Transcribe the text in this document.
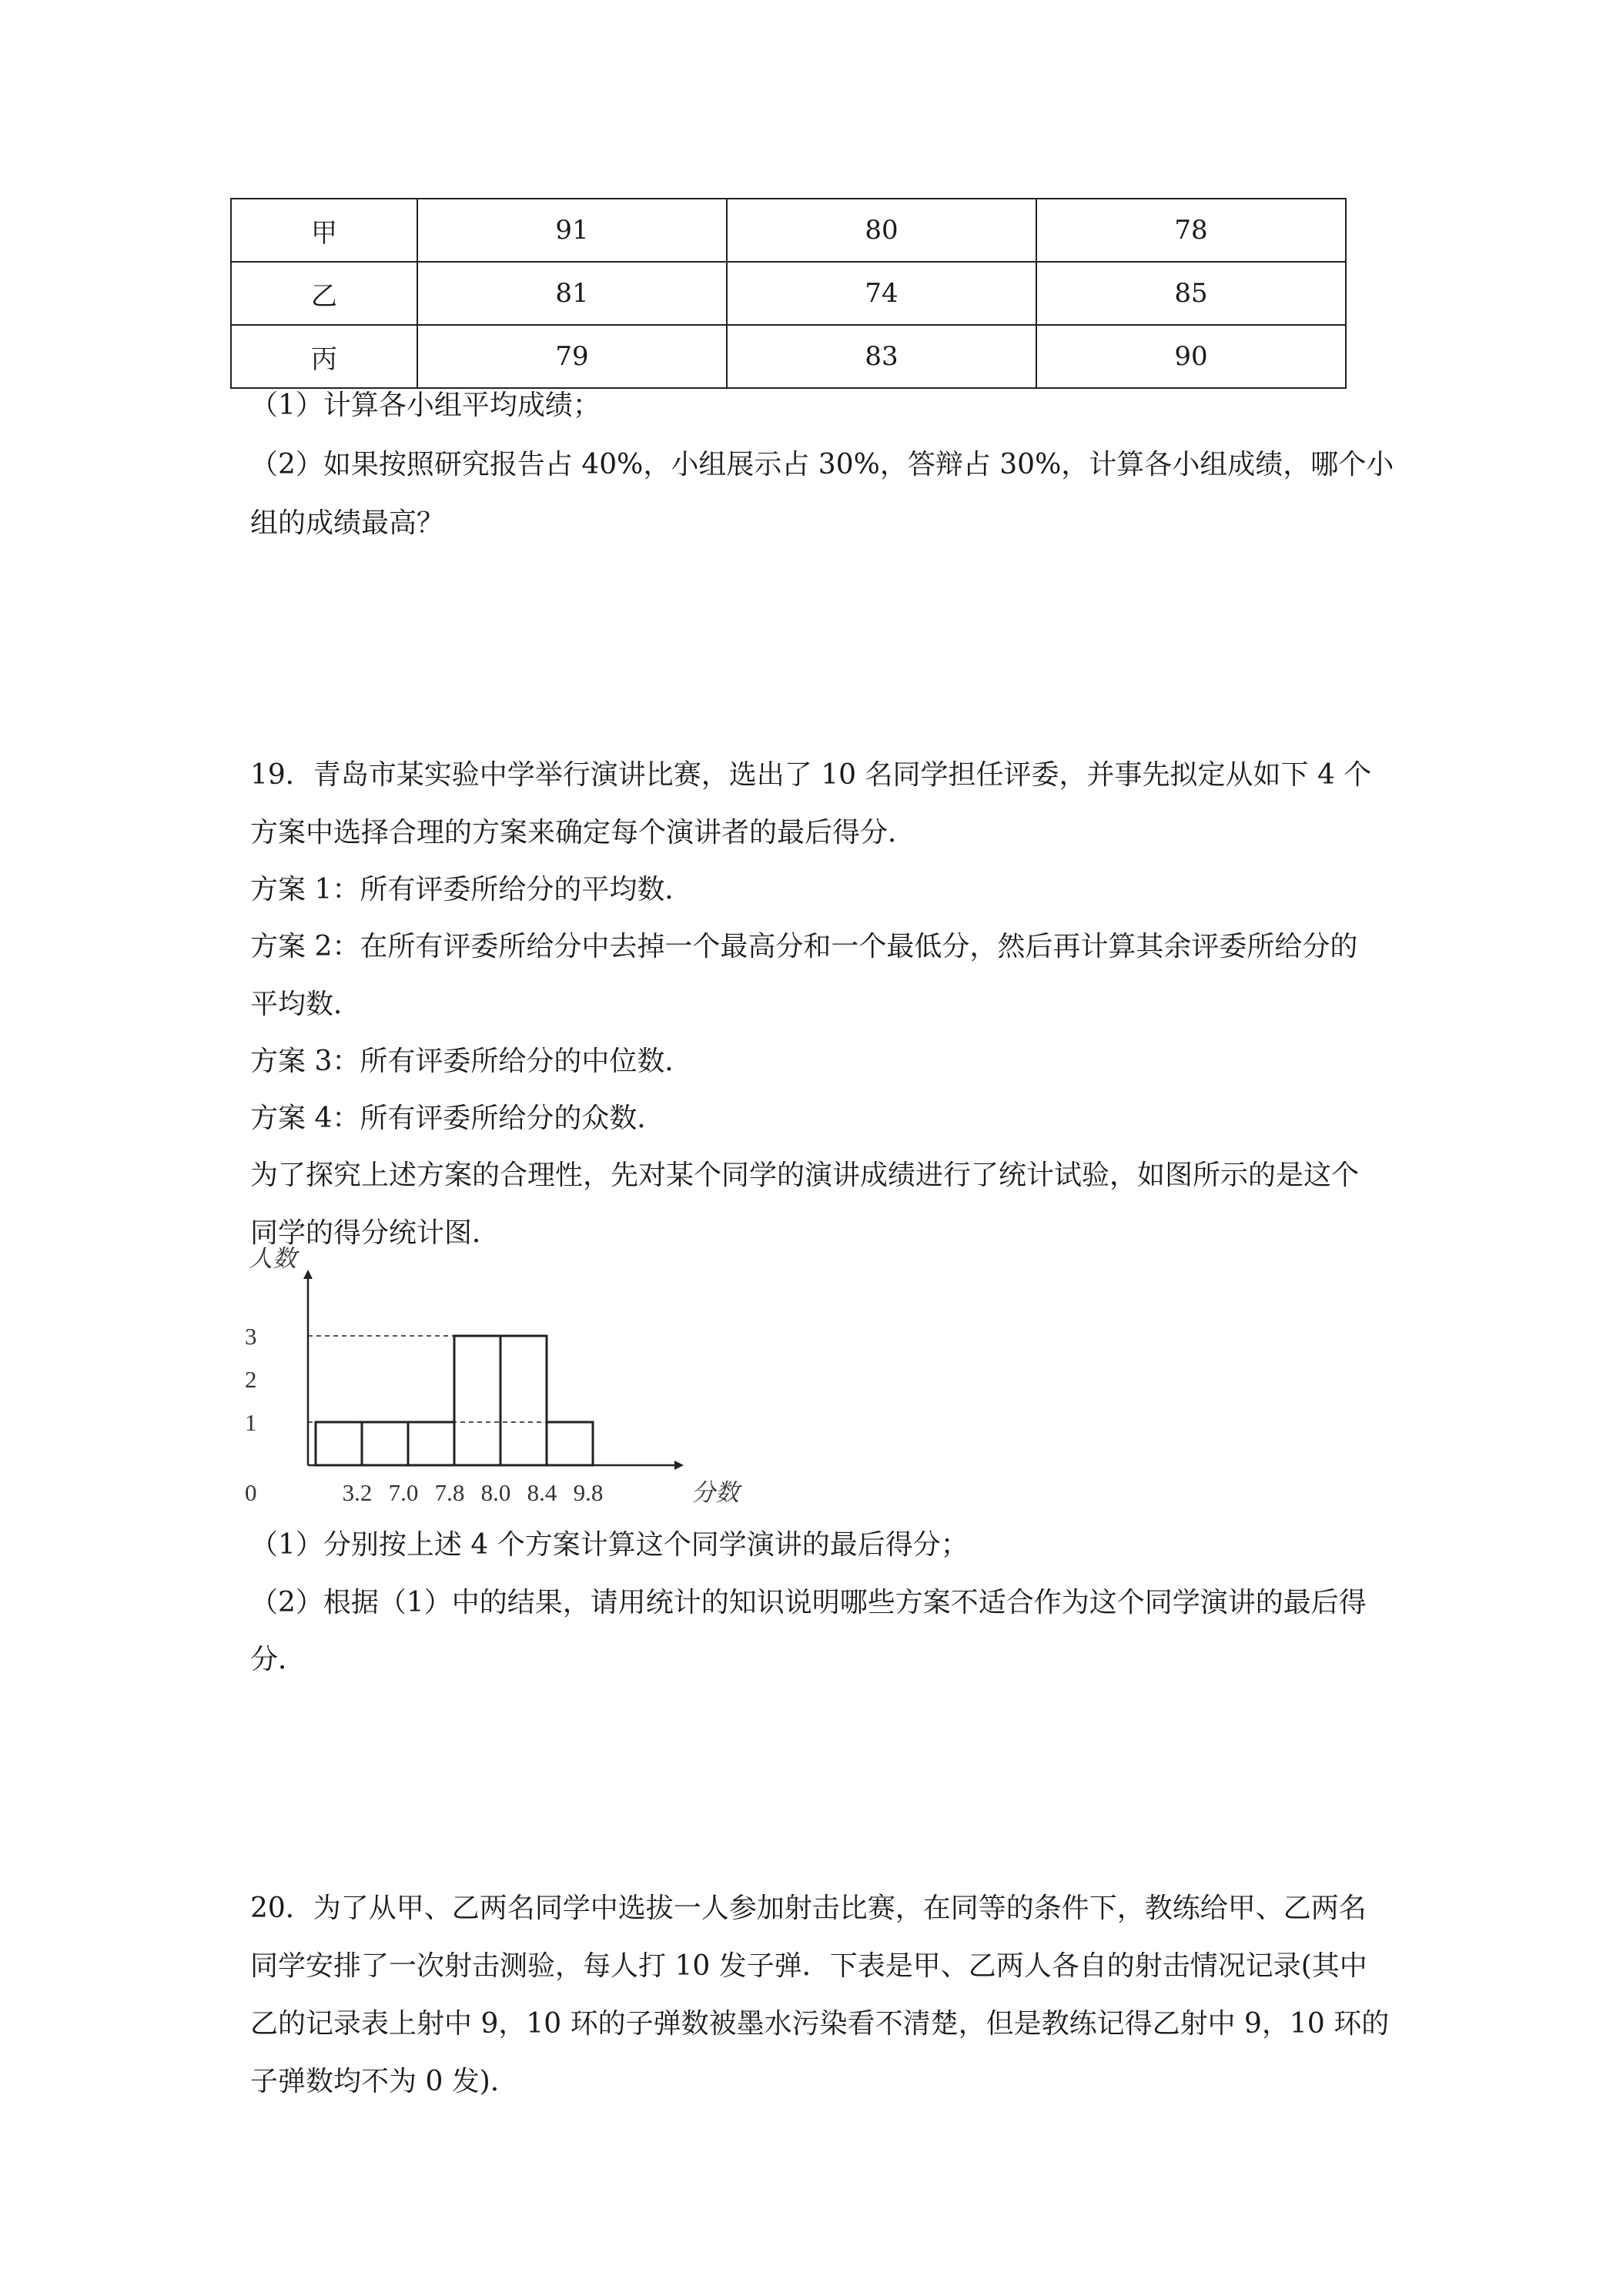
甲	91	80	78
乙	81	74	85
丙	79	83	90
（1）计算各小组平均成绩；
（2）如果按照研究报告占 40%，小组展示占 30%，答辩占 30%，计算各小组成绩，哪个小
组的成绩最高？
19．青岛市某实验中学举行演讲比赛，选出了 10 名同学担任评委，并事先拟定从如下 4 个
方案中选择合理的方案来确定每个演讲者的最后得分．
方案 1：所有评委所给分的平均数．
方案 2：在所有评委所给分中去掉一个最高分和一个最低分，然后再计算其余评委所给分的
平均数．
方案 3：所有评委所给分的中位数．
方案 4：所有评委所给分的众数．
为了探究上述方案的合理性，先对某个同学的演讲成绩进行了统计试验，如图所示的是这个
同学的得分统计图．
0
1
2
3
3.2 7.0 7.8 8.0 8.4 9.8
人数
分数
（1）分别按上述 4 个方案计算这个同学演讲的最后得分；
（2）根据（1）中的结果，请用统计的知识说明哪些方案不适合作为这个同学演讲的最后得
分．
20．为了从甲、乙两名同学中选拔一人参加射击比赛，在同等的条件下，教练给甲、乙两名
同学安排了一次射击测验，每人打 10 发子弹．下表是甲、乙两人各自的射击情况记录(其中
乙的记录表上射中 9，10 环的子弹数被墨水污染看不清楚，但是教练记得乙射中 9，10 环的
子弹数均不为 0 发)．
